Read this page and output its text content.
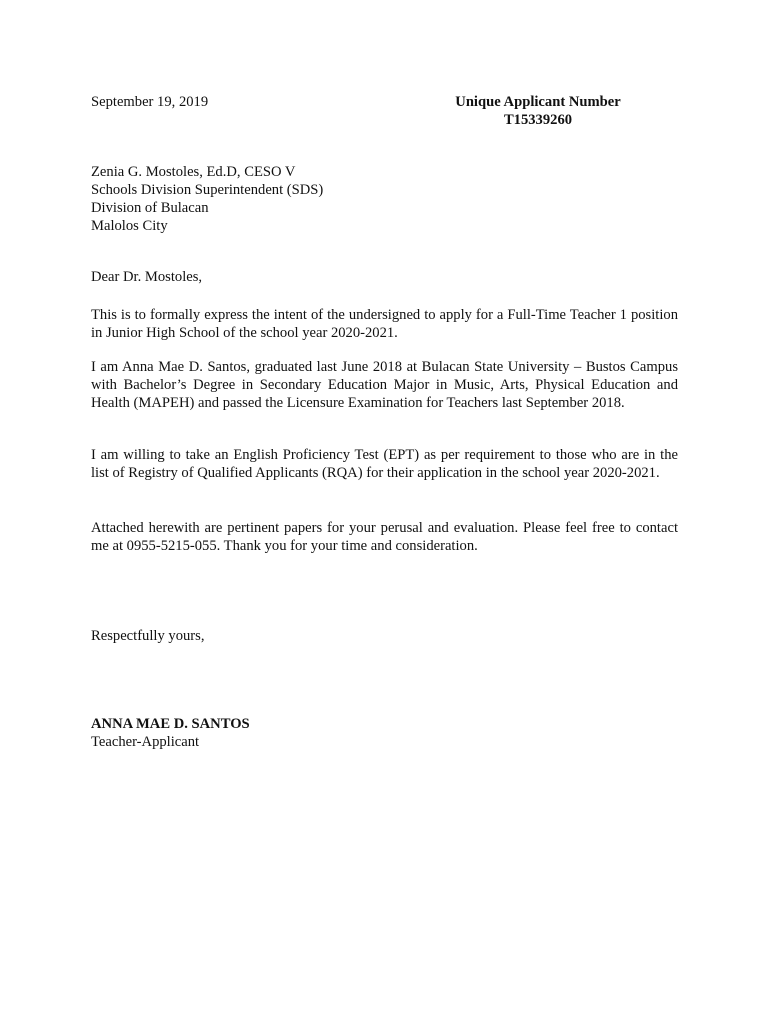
September 19, 2019	Unique Applicant Number
T15339260
Zenia G. Mostoles, Ed.D, CESO V
Schools Division Superintendent (SDS)
Division of Bulacan
Malolos City
Dear Dr. Mostoles,
This is to formally express the intent of the undersigned to apply for a Full-Time Teacher 1 position in Junior High School of the school year 2020-2021.
I am Anna Mae D. Santos, graduated last June 2018 at Bulacan State University – Bustos Campus with Bachelor’s Degree in Secondary Education Major in Music, Arts, Physical Education and Health (MAPEH) and passed the Licensure Examination for Teachers last September 2018.
I am willing to take an English Proficiency Test (EPT) as per requirement to those who are in the list of Registry of Qualified Applicants (RQA) for their application in the school year 2020-2021.
Attached herewith are pertinent papers for your perusal and evaluation. Please feel free to contact me at 0955-5215-055. Thank you for your time and consideration.
Respectfully yours,
ANNA MAE D. SANTOS
Teacher-Applicant
